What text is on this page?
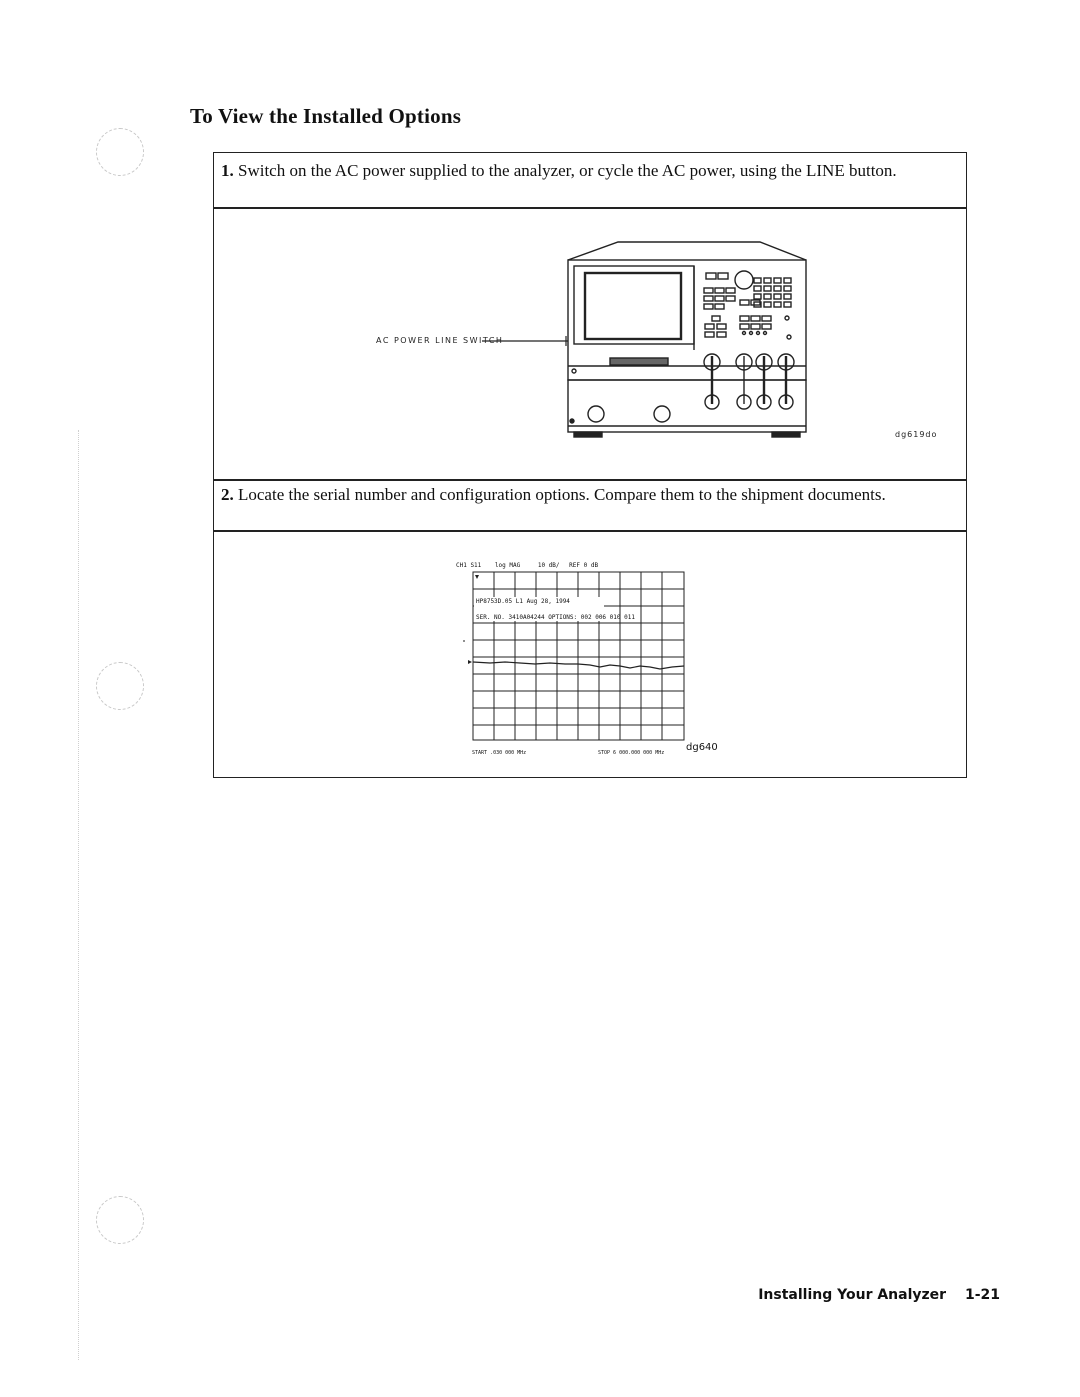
To View the Installed Options
1. Switch on the AC power supplied to the analyzer, or cycle the AC power, using the LINE button.
AC POWER LINE SWITCH
dg619do
2. Locate the serial number and configuration options. Compare them to the shipment documents.
CH1 S11 log MAG	10 dB/ REF 0 dB
HP8753D.05 L1 Aug 28, 1994
SER. NO. 3410A04244 OPTIONS: 002 006 010 011
START .030 000 MHz	STOP 6 000.000 000 MHz dg640
Installing Your Analyzer 1-21
